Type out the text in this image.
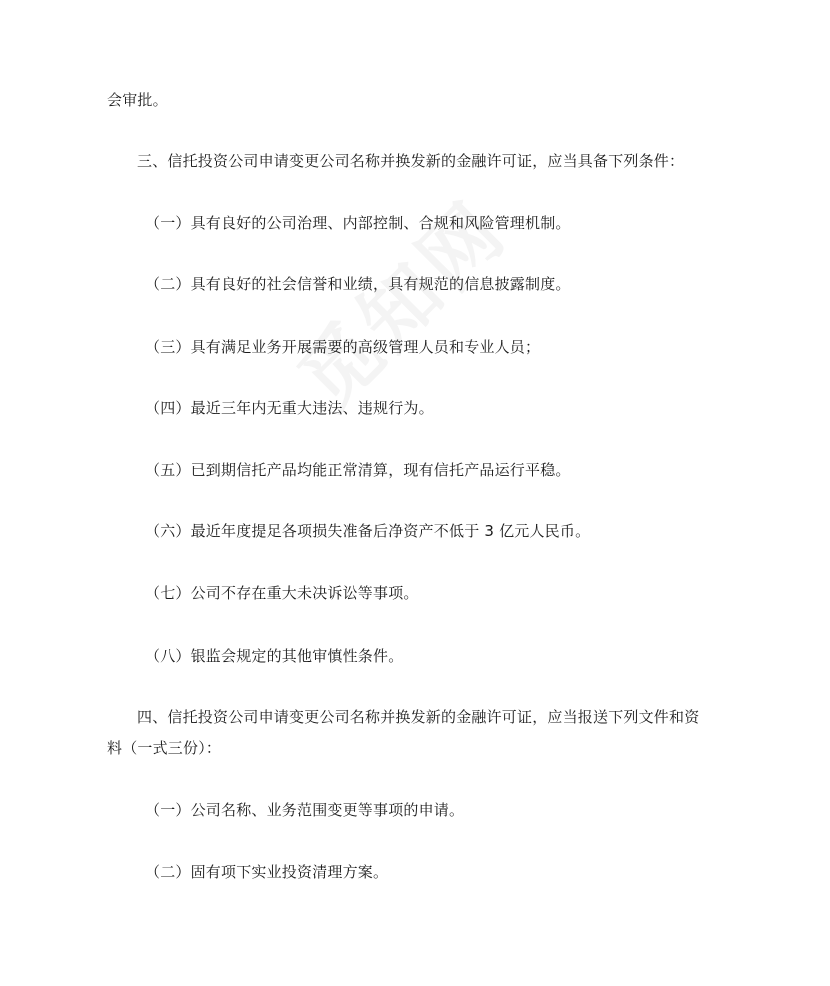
会审批。
三、信托投资公司申请变更公司名称并换发新的金融许可证，应当具备下列条件：
（一）具有良好的公司治理、内部控制、合规和风险管理机制。
（二）具有良好的社会信誉和业绩，具有规范的信息披露制度。
（三）具有满足业务开展需要的高级管理人员和专业人员；
（四）最近三年内无重大违法、违规行为。
（五）已到期信托产品均能正常清算，现有信托产品运行平稳。
（六）最近年度提足各项损失准备后净资产不低于 3 亿元人民币。
（七）公司不存在重大未决诉讼等事项。
（八）银监会规定的其他审慎性条件。
四、信托投资公司申请变更公司名称并换发新的金融许可证，应当报送下列文件和资
料（一式三份）：
（一）公司名称、业务范围变更等事项的申请。
（二）固有项下实业投资清理方案。
